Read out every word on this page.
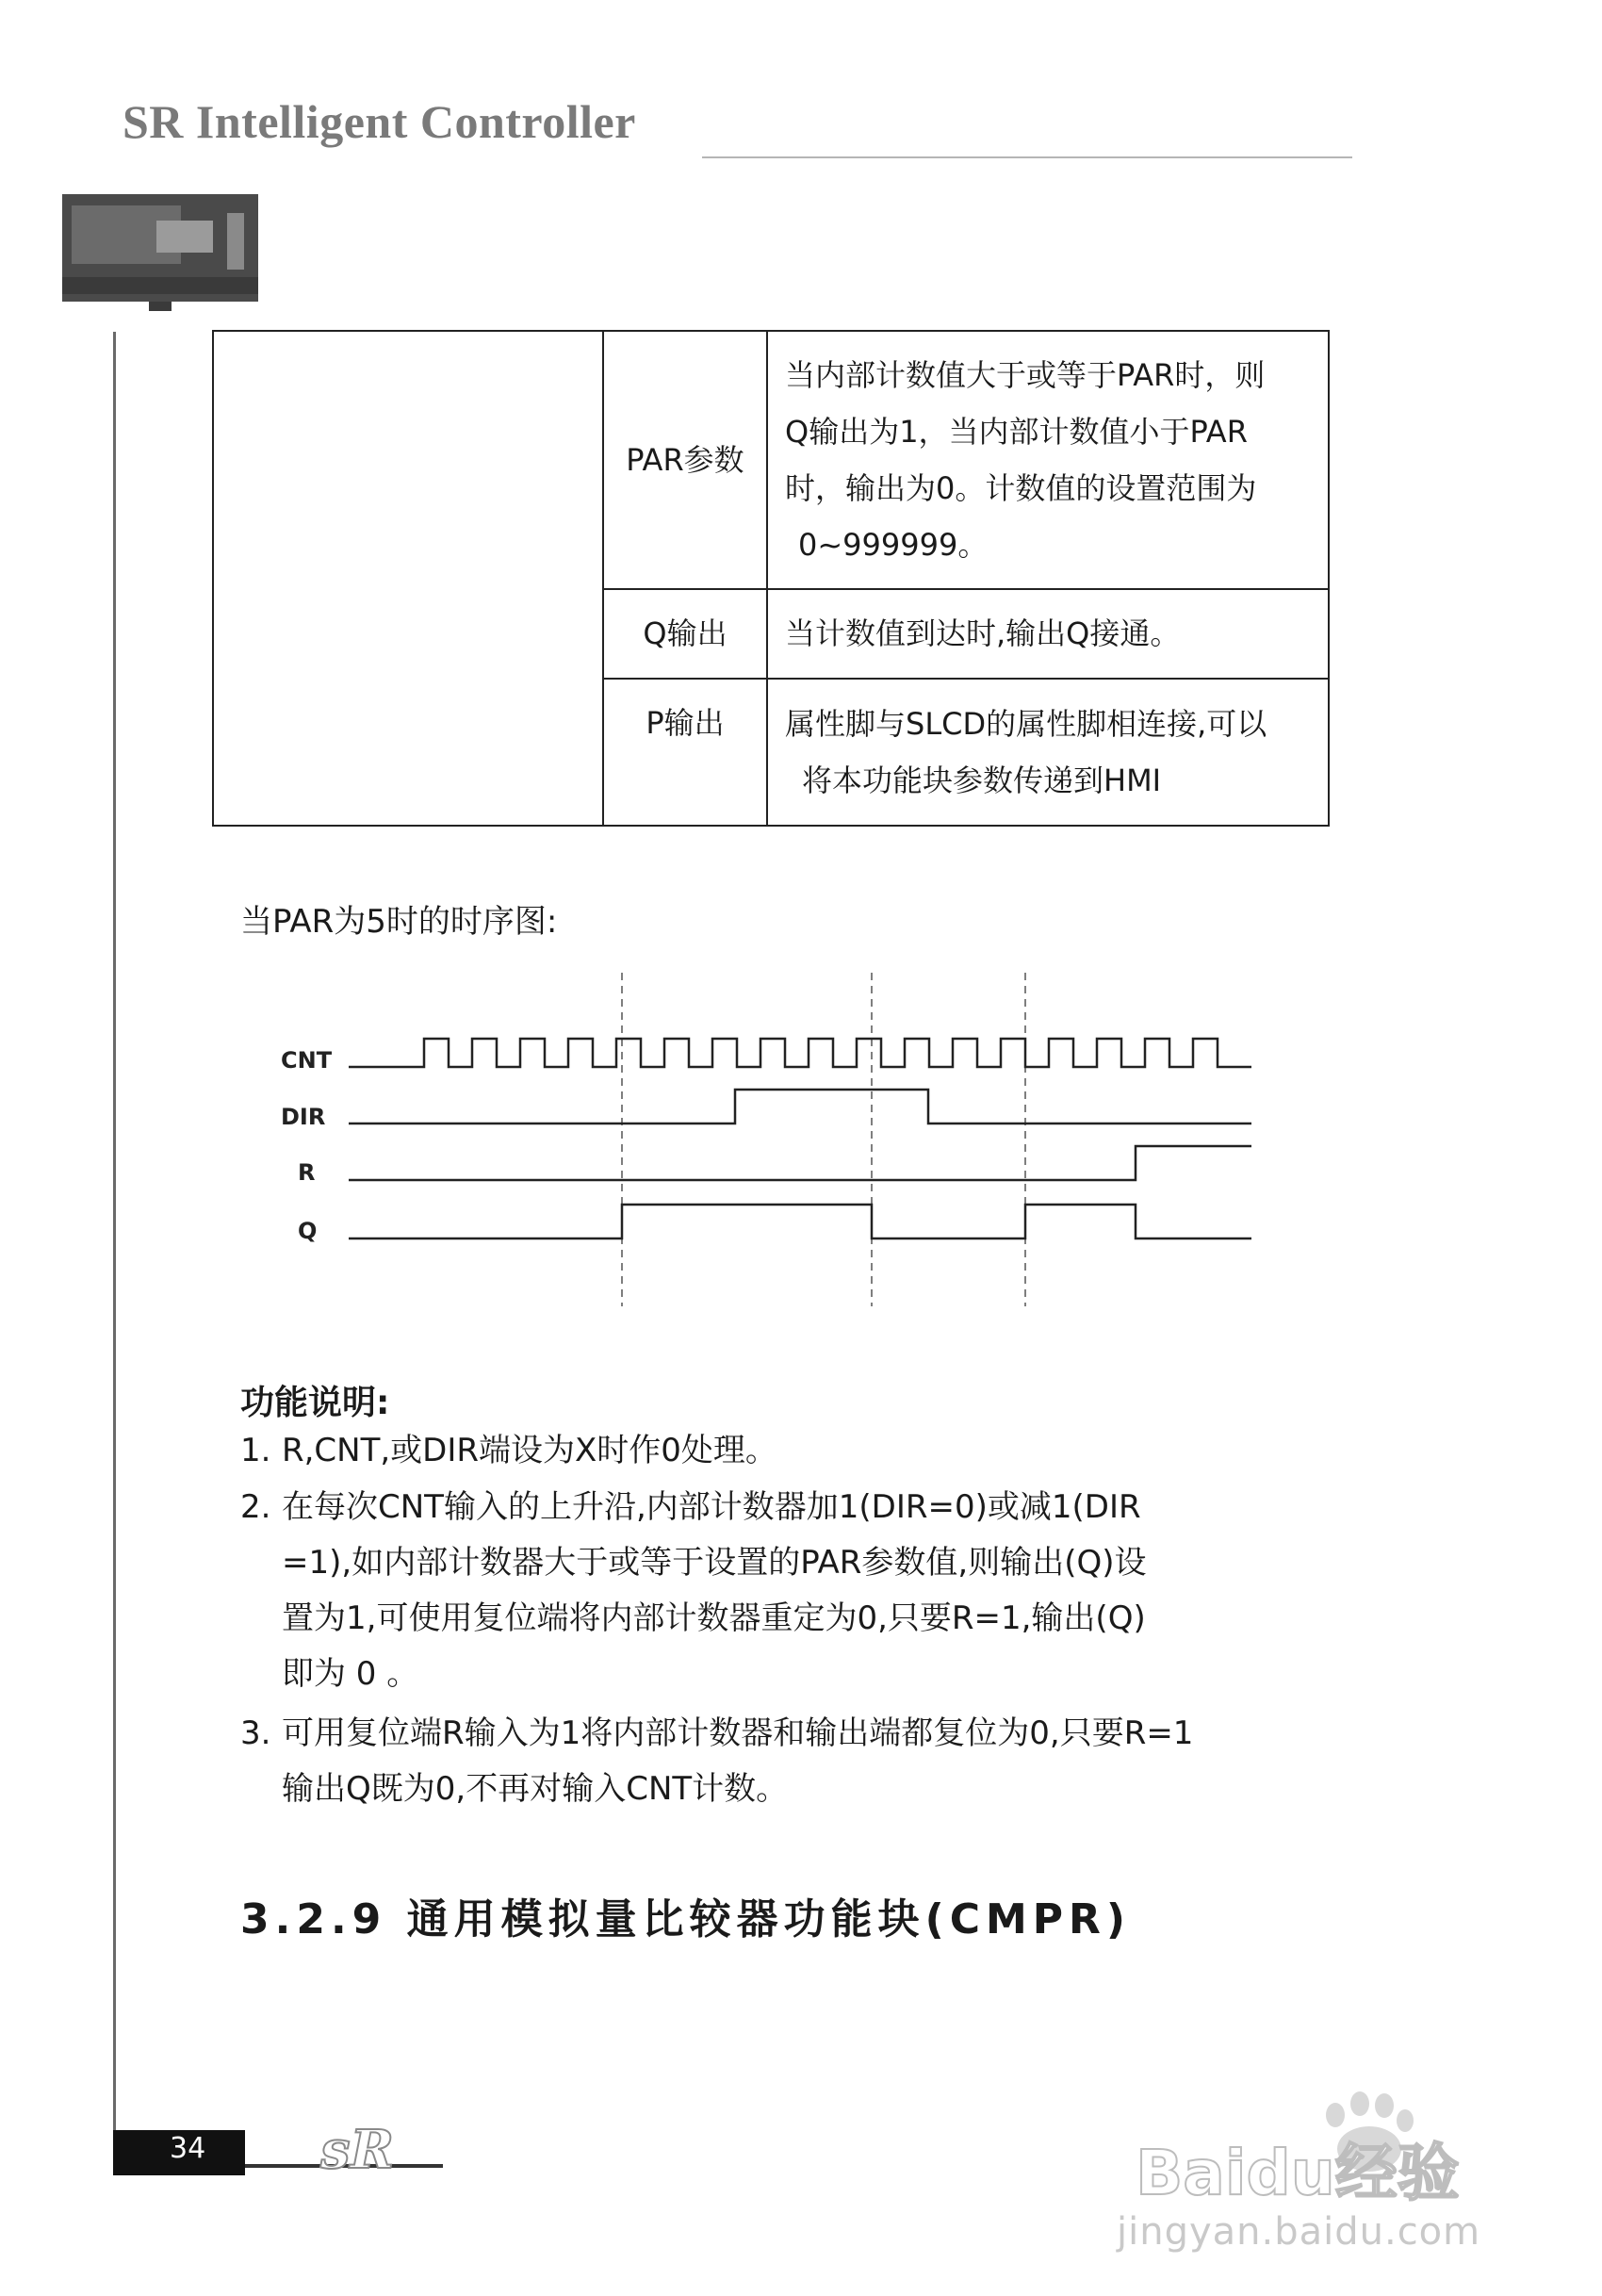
SR Intelligent Controller
	PAR参数	当内部计数值大于或等于PAR时，则
Q输出为1，当内部计数值小于PAR
时，输出为0。计数值的设置范围为
0~999999。

	Q输出	当计数值到达时,输出Q接通。

	P输出	属性脚与SLCD的属性脚相连接,可以
将本功能块参数传递到HMI
当PAR为5时的时序图:
CNT
DIR
R
Q
功能说明:
1. R,CNT,或DIR端设为X时作0处理。
2. 在每次CNT输入的上升沿,内部计数器加1(DIR=0)或减1(DIR
=1),如内部计数器大于或等于设置的PAR参数值,则输出(Q)设
置为1,可使用复位端将内部计数器重定为0,只要R=1,输出(Q)
即为 0 。
3. 可用复位端R输入为1将内部计数器和输出端都复位为0,只要R=1
输出Q既为0,不再对输入CNT计数。
3.2.9 通用模拟量比较器功能块(CMPR)
34 sR	Baidu经验
jingyan.baidu.com
